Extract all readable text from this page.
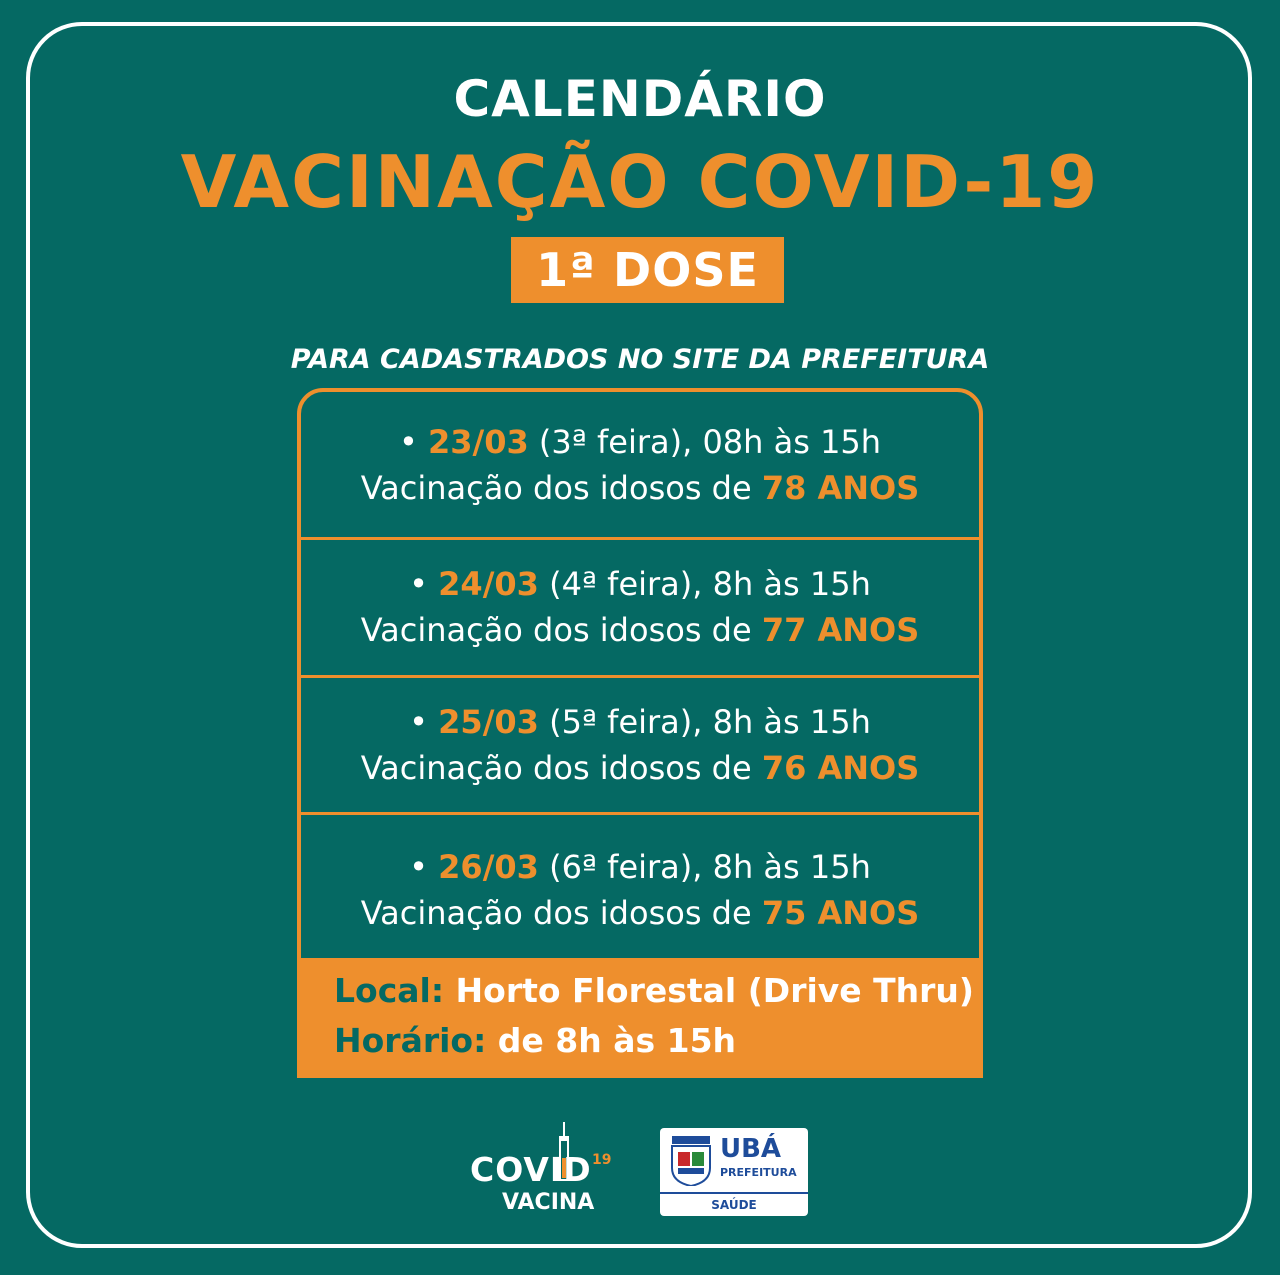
CALENDÁRIO
VACINAÇÃO COVID-19
1ª DOSE
PARA CADASTRADOS NO SITE DA PREFEITURA
• 23/03 (3ª feira), 08h às 15h
Vacinação dos idosos de 78 ANOS
• 24/03 (4ª feira), 8h às 15h
Vacinação dos idosos de 77 ANOS
• 25/03 (5ª feira), 8h às 15h
Vacinação dos idosos de 76 ANOS
• 26/03 (6ª feira), 8h às 15h
Vacinação dos idosos de 75 ANOS
Local: Horto Florestal (Drive Thru)
Horário: de 8h às 15h
COVID 19
VACINA
UBÁ
PREFEITURA
SAÚDE
